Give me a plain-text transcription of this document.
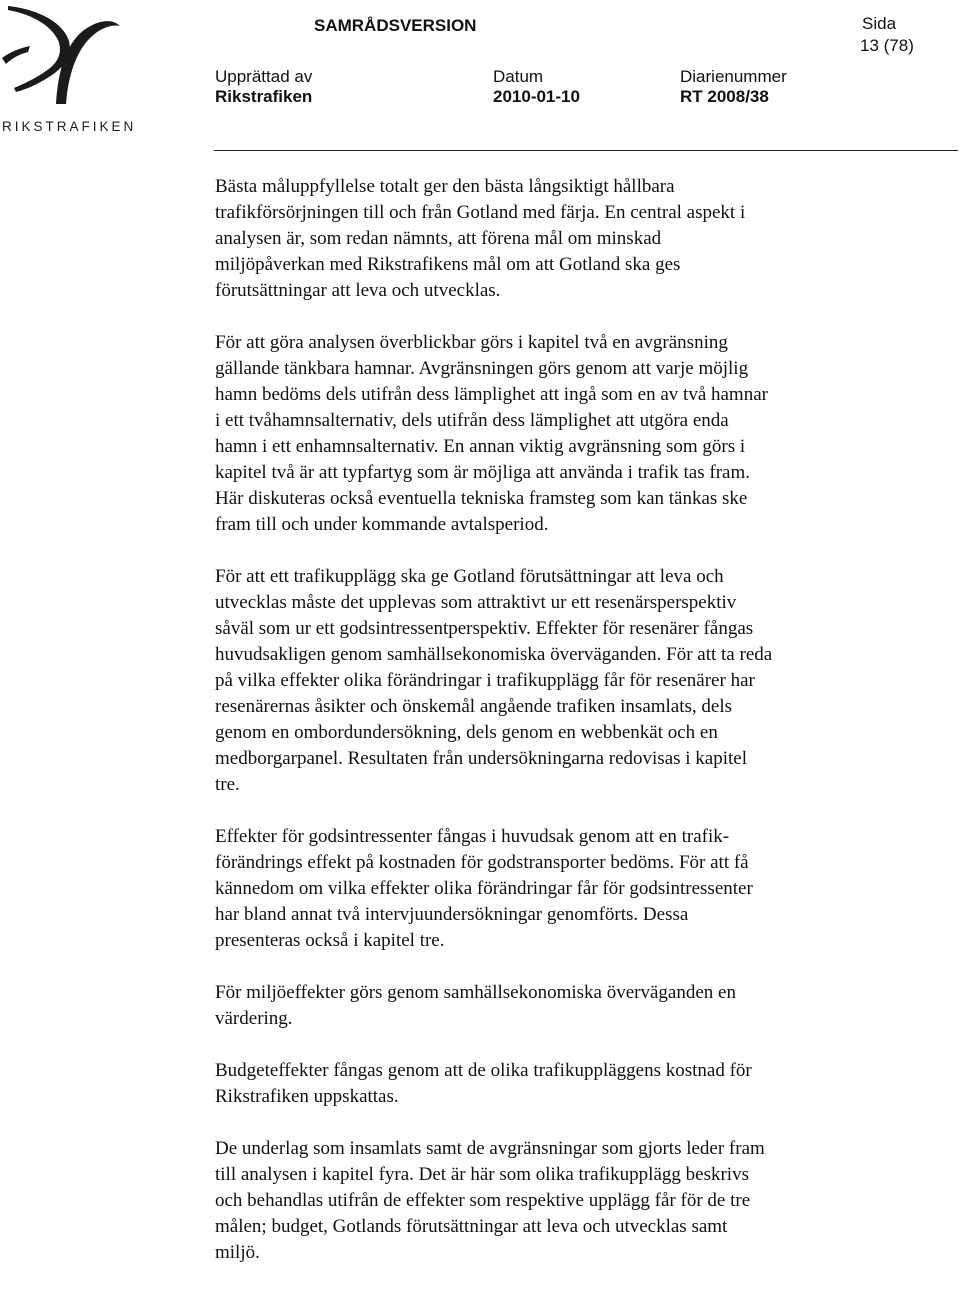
RIKSTRAFIKEN
SAMRÅDSVERSION	Sida
13 (78)
Upprättad av
Rikstrafiken
Datum
2010-01-10
Diarienummer
RT 2008/38

Bästa måluppfyllelse totalt ger den bästa långsiktigt hållbara
trafikförsörjningen till och från Gotland med färja. En central aspekt i
analysen är, som redan nämnts, att förena mål om minskad
miljöpåverkan med Rikstrafikens mål om att Gotland ska ges
förutsättningar att leva och utvecklas.

För att göra analysen överblickbar görs i kapitel två en avgränsning
gällande tänkbara hamnar. Avgränsningen görs genom att varje möjlig
hamn bedöms dels utifrån dess lämplighet att ingå som en av två hamnar
i ett tvåhamnsalternativ, dels utifrån dess lämplighet att utgöra enda
hamn i ett enhamnsalternativ. En annan viktig avgränsning som görs i
kapitel två är att typfartyg som är möjliga att använda i trafik tas fram.
Här diskuteras också eventuella tekniska framsteg som kan tänkas ske
fram till och under kommande avtalsperiod.

För att ett trafikupplägg ska ge Gotland förutsättningar att leva och
utvecklas måste det upplevas som attraktivt ur ett resenärsperspektiv
såväl som ur ett godsintressentperspektiv. Effekter för resenärer fångas
huvudsakligen genom samhällsekonomiska överväganden. För att ta reda
på vilka effekter olika förändringar i trafikupplägg får för resenärer har
resenärernas åsikter och önskemål angående trafiken insamlats, dels
genom en ombordundersökning, dels genom en webbenkät och en
medborgarpanel. Resultaten från undersökningarna redovisas i kapitel
tre.

Effekter för godsintressenter fångas i huvudsak genom att en trafik-
förändrings effekt på kostnaden för godstransporter bedöms. För att få
kännedom om vilka effekter olika förändringar får för godsintressenter
har bland annat två intervjuundersökningar genomförts. Dessa
presenteras också i kapitel tre.

För miljöeffekter görs genom samhällsekonomiska överväganden en
värdering.

Budgeteffekter fångas genom att de olika trafikuppläggens kostnad för
Rikstrafiken uppskattas.

De underlag som insamlats samt de avgränsningar som gjorts leder fram
till analysen i kapitel fyra. Det är här som olika trafikupplägg beskrivs
och behandlas utifrån de effekter som respektive upplägg får för de tre
målen; budget, Gotlands förutsättningar att leva och utvecklas samt
miljö.
